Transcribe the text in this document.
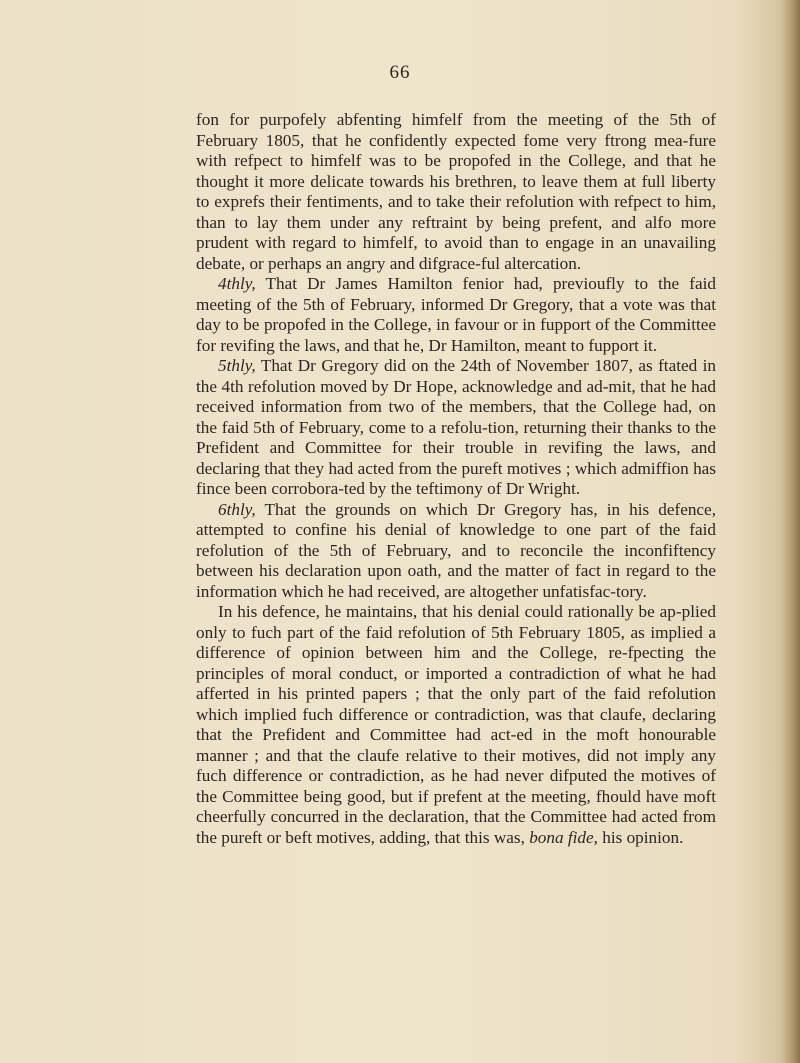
66

fon for purpofely abfenting himfelf from the meeting of the 5th of February 1805, that he confidently expected fome very ftrong mea-fure with refpect to himfelf was to be propofed in the College, and that he thought it more delicate towards his brethren, to leave them at full liberty to exprefs their fentiments, and to take their refolution with refpect to him, than to lay them under any reftraint by being prefent, and alfo more prudent with regard to himfelf, to avoid than to engage in an unavailing debate, or perhaps an angry and difgrace-ful altercation.

4thly, That Dr James Hamilton fenior had, previoufly to the faid meeting of the 5th of February, informed Dr Gregory, that a vote was that day to be propofed in the College, in favour or in fupport of the Committee for revifing the laws, and that he, Dr Hamilton, meant to fupport it.

5thly, That Dr Gregory did on the 24th of November 1807, as ftated in the 4th refolution moved by Dr Hope, acknowledge and ad-mit, that he had received information from two of the members, that the College had, on the faid 5th of February, come to a refolu-tion, returning their thanks to the Prefident and Committee for their trouble in revifing the laws, and declaring that they had acted from the pureft motives ; which admiffion has fince been corrobora-ted by the teftimony of Dr Wright.

6thly, That the grounds on which Dr Gregory has, in his defence, attempted to confine his denial of knowledge to one part of the faid refolution of the 5th of February, and to reconcile the inconfiftency between his declaration upon oath, and the matter of fact in regard to the information which he had received, are altogether unfatisfac-tory.

In his defence, he maintains, that his denial could rationally be ap-plied only to fuch part of the faid refolution of 5th February 1805, as implied a difference of opinion between him and the College, re-fpecting the principles of moral conduct, or imported a contradiction of what he had afferted in his printed papers ; that the only part of the faid refolution which implied fuch difference or contradiction, was that claufe, declaring that the Prefident and Committee had act-ed in the moft honourable manner ; and that the claufe relative to their motives, did not imply any fuch difference or contradiction, as he had never difputed the motives of the Committee being good, but if prefent at the meeting, fhould have moft cheerfully concurred in the declaration, that the Committee had acted from the pureft or beft motives, adding, that this was, bona fide, his opinion.
